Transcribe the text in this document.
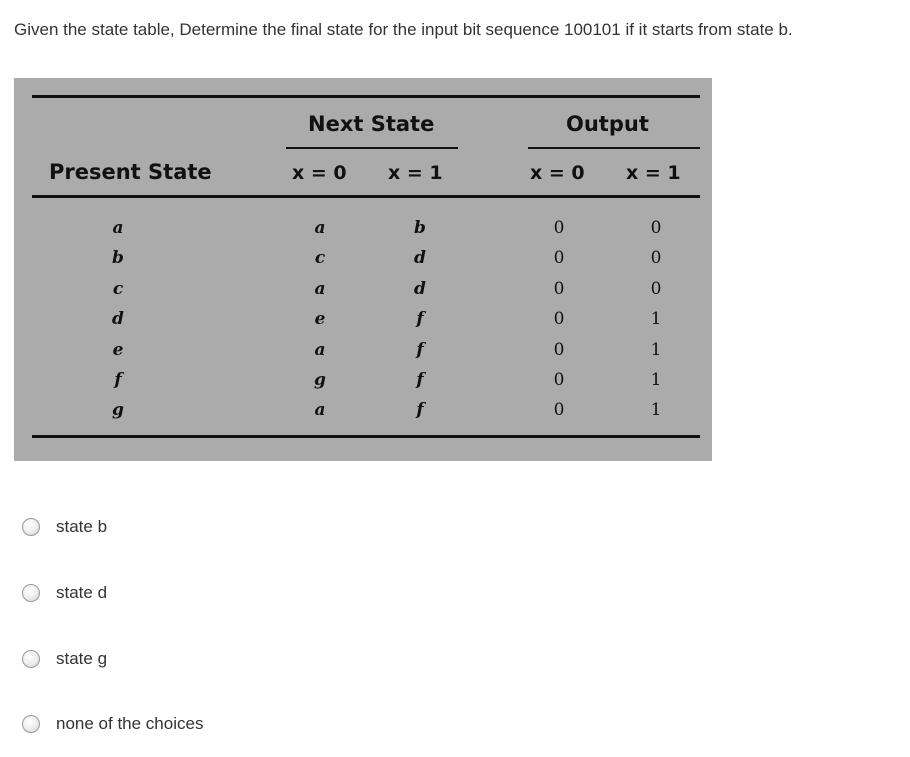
Given the state table, Determine the final state for the input bit sequence 100101 if it starts from state b.
Next State	Output
Present State	x = 0 x = 1	x = 0 x = 1
a	a	b	0	0
b	c	d	0	0
c	a	d	0	0
d	e	f	0	1
e	a	f	0	1
f	g	f	0	1
g	a	f	0	1
state b
state d
state g
none of the choices
